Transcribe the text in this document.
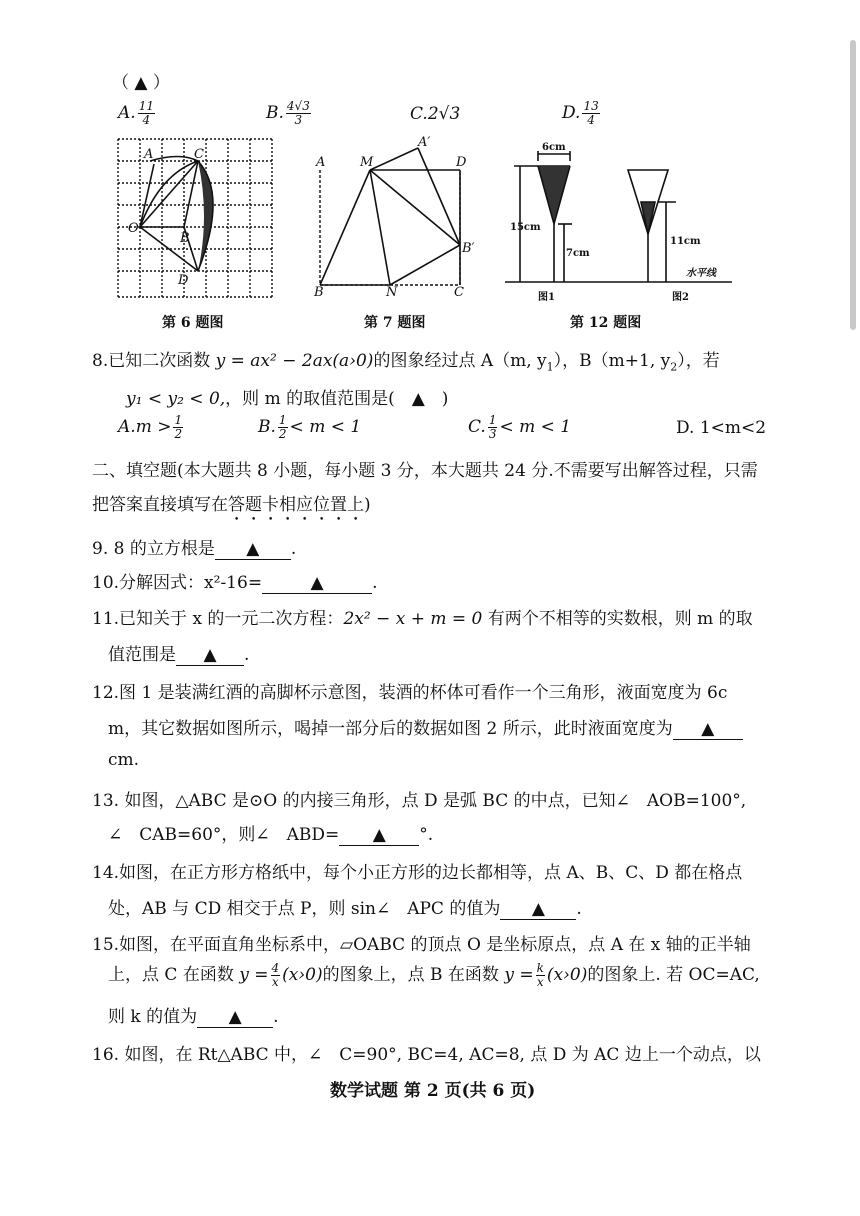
（ ▲ ）
A. $\frac{11}{4}$	B. $\frac{4√3}{3}$	C.2√3	D. $\frac{13}{4}$
A	C
O
B
D
第 6 题图
A	M
A′
D
B′
B	N	C
第 7 题图
6cm
15cm
7cm
11cm
水平线
图1	图2
第 12 题图
8.已知二次函数 y = ax² − 2ax(a›0)的图象经过点 A（m, $y_1$），B（m+1, $y_2$），若
y₁ < y₂ < 0,，则 m 的取值范围是(　▲　)
$A.m > \frac{1}{2}$	B. $\frac{1}{2} < m < 1$	C. $\frac{1}{3} < m < 1$	D. 1<m<2
二、填空题(本大题共 8 小题，每小题 3 分，本大题共 24 分.不需要写出解答过程，只需
把答案直接填写在答题卡相应位置上)
9. 8 的立方根是 ▲ .
10.分解因式：x²-16=	▲	.
11.已知关于 x 的一元二次方程：2x² − x + m = 0 有两个不相等的实数根，则 m 的取
值范围是 ▲ .
12.图 1 是装满红酒的高脚杯示意图，装酒的杯体可看作一个三角形，液面宽度为 6c
m，其它数据如图所示，喝掉一部分后的数据如图 2 所示，此时液面宽度为 ▲
cm.
13. 如图，△ABC 是⊙O 的内接三角形，点 D 是弧 BC 的中点，已知∠　AOB=100°,
∠　CAB=60°，则∠　ABD= ▲ °.
14.如图，在正方形方格纸中，每个小正方形的边长都相等，点 A、B、C、D 都在格点
处，AB 与 CD 相交于点 P，则 sin∠　APC 的值为 ▲ .
15.如图，在平面直角坐标系中，▱OABC 的顶点 O 是坐标原点，点 A 在 x 轴的正半轴
上，点 C 在函数 $y = \frac{4}{x}$ (x›0)的图象上，点 B 在函数 $y = \frac{k}{x}$ (x›0)的图象上. 若 OC=AC,
则 k 的值为 ▲ .
16. 如图，在 Rt△ABC 中，∠　C=90°, BC=4, AC=8, 点 D 为 AC 边上一个动点，以
数学试题 第 2 页(共 6 页)
